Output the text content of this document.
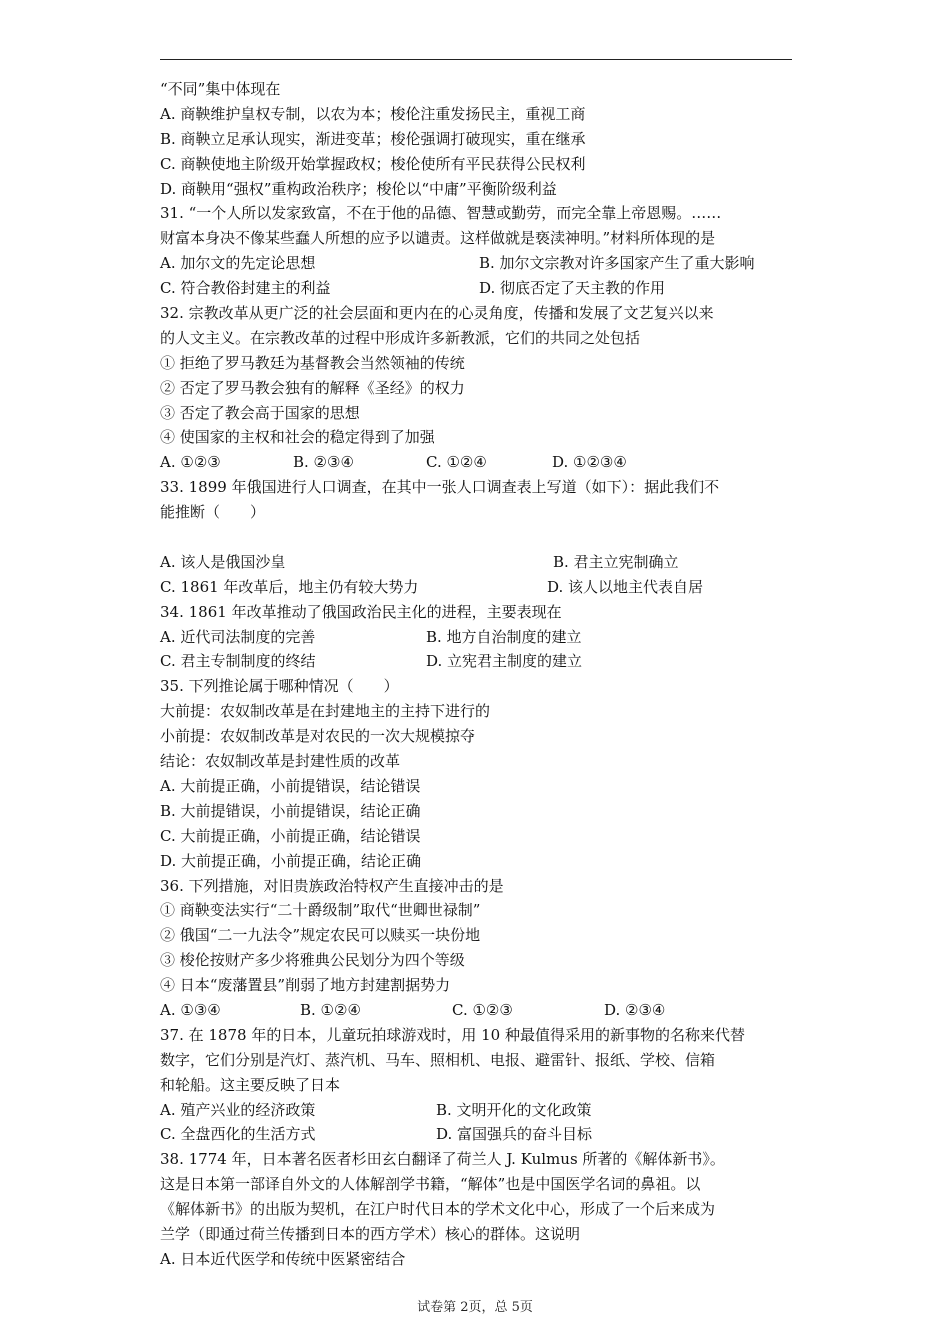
“不同”集中体现在
A. 商鞅维护皇权专制，以农为本；梭伦注重发扬民主，重视工商
B. 商鞅立足承认现实，渐进变革；梭伦强调打破现实，重在继承
C. 商鞅使地主阶级开始掌握政权；梭伦使所有平民获得公民权利
D. 商鞅用“强权”重构政治秩序；梭伦以“中庸”平衡阶级利益
31. “一个人所以发家致富，不在于他的品德、智慧或勤劳，而完全靠上帝恩赐。……
财富本身决不像某些蠢人所想的应予以谴责。这样做就是亵渎神明。”材料所体现的是
A. 加尔文的先定论思想	B. 加尔文宗教对许多国家产生了重大影响
C. 符合教俗封建主的利益	D. 彻底否定了天主教的作用
32. 宗教改革从更广泛的社会层面和更内在的心灵角度，传播和发展了文艺复兴以来
的人文主义。在宗教改革的过程中形成许多新教派，它们的共同之处包括
① 拒绝了罗马教廷为基督教会当然领袖的传统
② 否定了罗马教会独有的解释《圣经》的权力
③ 否定了教会高于国家的思想
④ 使国家的主权和社会的稳定得到了加强
A. ①②③	B. ②③④	C. ①②④	D. ①②③④
33. 1899 年俄国进行人口调查，在其中一张人口调查表上写道（如下）：据此我们不
能推断（　　）
A. 该人是俄国沙皇	B. 君主立宪制确立
C. 1861 年改革后，地主仍有较大势力	D. 该人以地主代表自居
34. 1861 年改革推动了俄国政治民主化的进程，主要表现在
A. 近代司法制度的完善	B. 地方自治制度的建立
C. 君主专制制度的终结	D. 立宪君主制度的建立
35. 下列推论属于哪种情况（　　）
大前提：农奴制改革是在封建地主的主持下进行的
小前提：农奴制改革是对农民的一次大规模掠夺
结论：农奴制改革是封建性质的改革
A. 大前提正确，小前提错误，结论错误
B. 大前提错误，小前提错误，结论正确
C. 大前提正确，小前提正确，结论错误
D. 大前提正确，小前提正确，结论正确
36. 下列措施，对旧贵族政治特权产生直接冲击的是
① 商鞅变法实行“二十爵级制”取代“世卿世禄制”
② 俄国“二一九法令”规定农民可以赎买一块份地
③ 梭伦按财产多少将雅典公民划分为四个等级
④ 日本“废藩置县”削弱了地方封建割据势力
A. ①③④	B. ①②④	C. ①②③	D. ②③④
37. 在 1878 年的日本，儿童玩拍球游戏时，用 10 种最值得采用的新事物的名称来代替
数字，它们分别是汽灯、蒸汽机、马车、照相机、电报、避雷针、报纸、学校、信箱
和轮船。这主要反映了日本
A. 殖产兴业的经济政策	B. 文明开化的文化政策
C. 全盘西化的生活方式	D. 富国强兵的奋斗目标
38. 1774 年，日本著名医者杉田玄白翻译了荷兰人 J. Kulmus 所著的《解体新书》。
这是日本第一部译自外文的人体解剖学书籍，“解体”也是中国医学名词的鼻祖。以
《解体新书》的出版为契机，在江户时代日本的学术文化中心，形成了一个后来成为
兰学（即通过荷兰传播到日本的西方学术）核心的群体。这说明
A. 日本近代医学和传统中医紧密结合
试卷第 2页，总 5页
